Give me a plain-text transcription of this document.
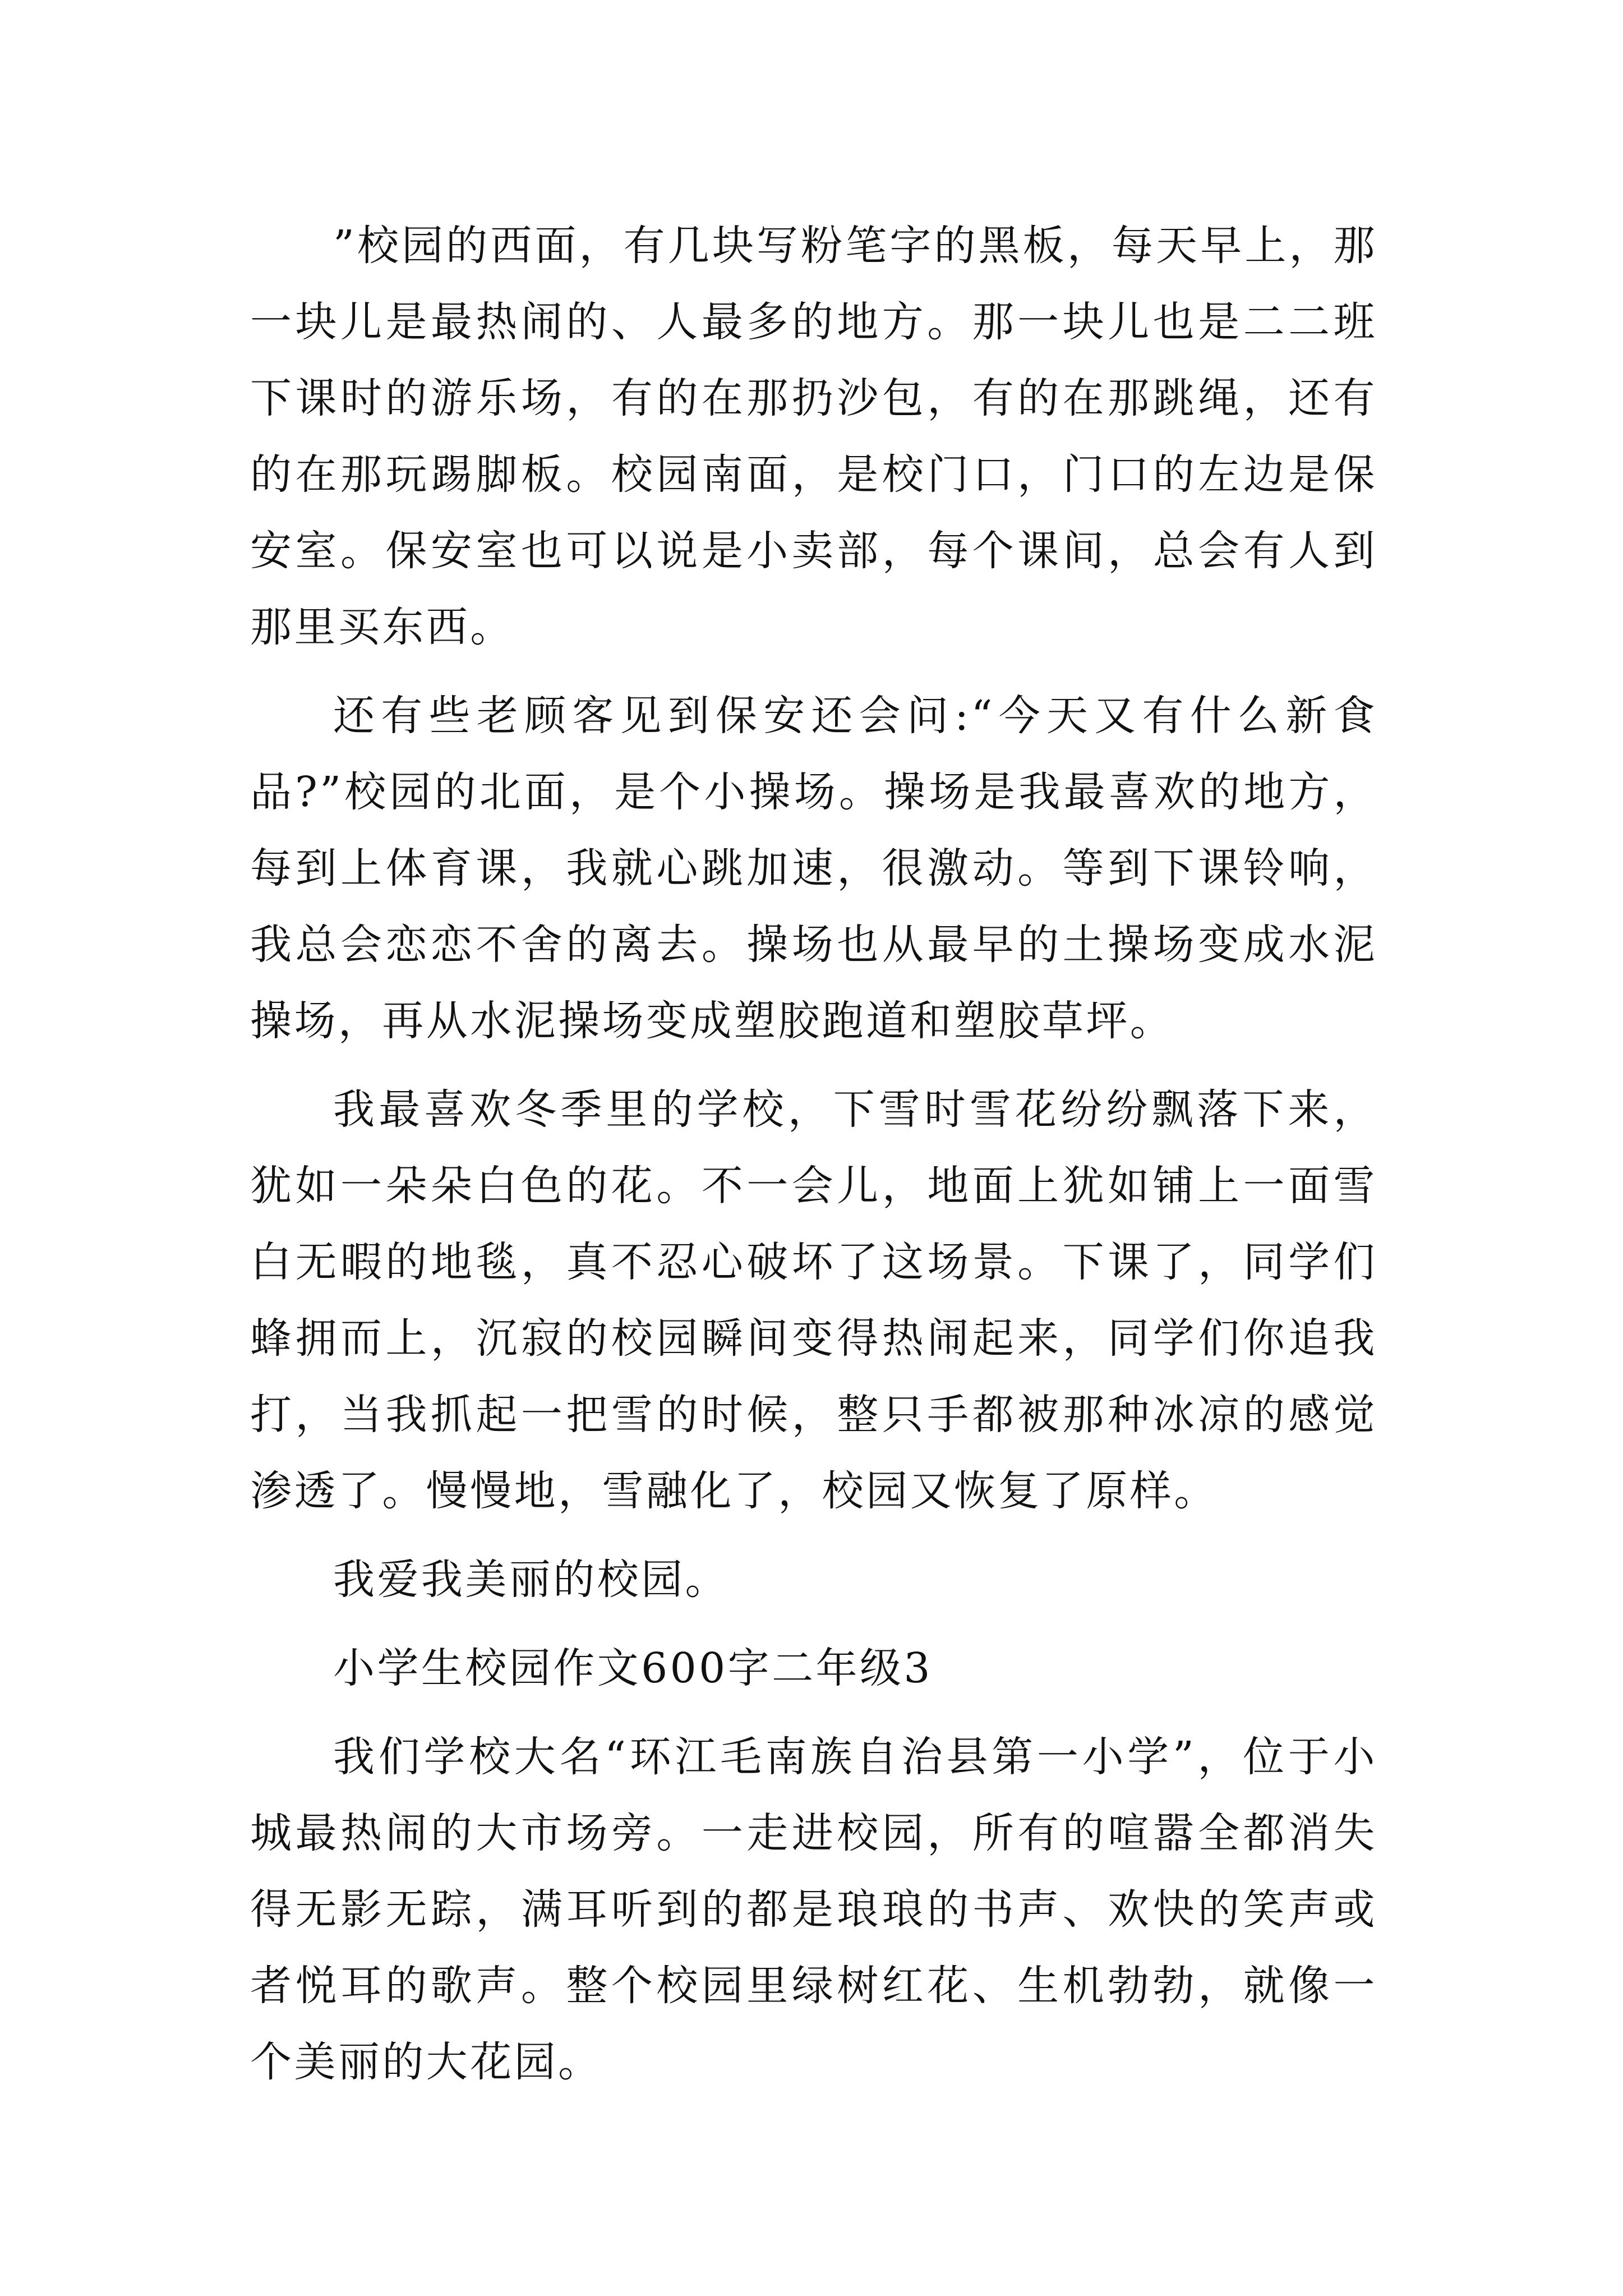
”校园的西面，有几块写粉笔字的黑板，每天早上，那一块儿是最热闹的、人最多的地方。那一块儿也是二二班下课时的游乐场，有的在那扔沙包，有的在那跳绳，还有的在那玩踢脚板。校园南面，是校门口，门口的左边是保安室。保安室也可以说是小卖部，每个课间，总会有人到那里买东西。

还有些老顾客见到保安还会问:“今天又有什么新食品?”校园的北面，是个小操场。操场是我最喜欢的地方，每到上体育课，我就心跳加速，很激动。等到下课铃响，我总会恋恋不舍的离去。操场也从最早的土操场变成水泥操场，再从水泥操场变成塑胶跑道和塑胶草坪。

我最喜欢冬季里的学校，下雪时雪花纷纷飘落下来，犹如一朵朵白色的花。不一会儿，地面上犹如铺上一面雪白无暇的地毯，真不忍心破坏了这场景。下课了，同学们蜂拥而上，沉寂的校园瞬间变得热闹起来，同学们你追我打，当我抓起一把雪的时候，整只手都被那种冰凉的感觉渗透了。慢慢地，雪融化了，校园又恢复了原样。

我爱我美丽的校园。

小学生校园作文600字二年级3

我们学校大名“环江毛南族自治县第一小学”，位于小城最热闹的大市场旁。一走进校园，所有的喧嚣全都消失得无影无踪，满耳听到的都是琅琅的书声、欢快的笑声或者悦耳的歌声。整个校园里绿树红花、生机勃勃，就像一个美丽的大花园。
